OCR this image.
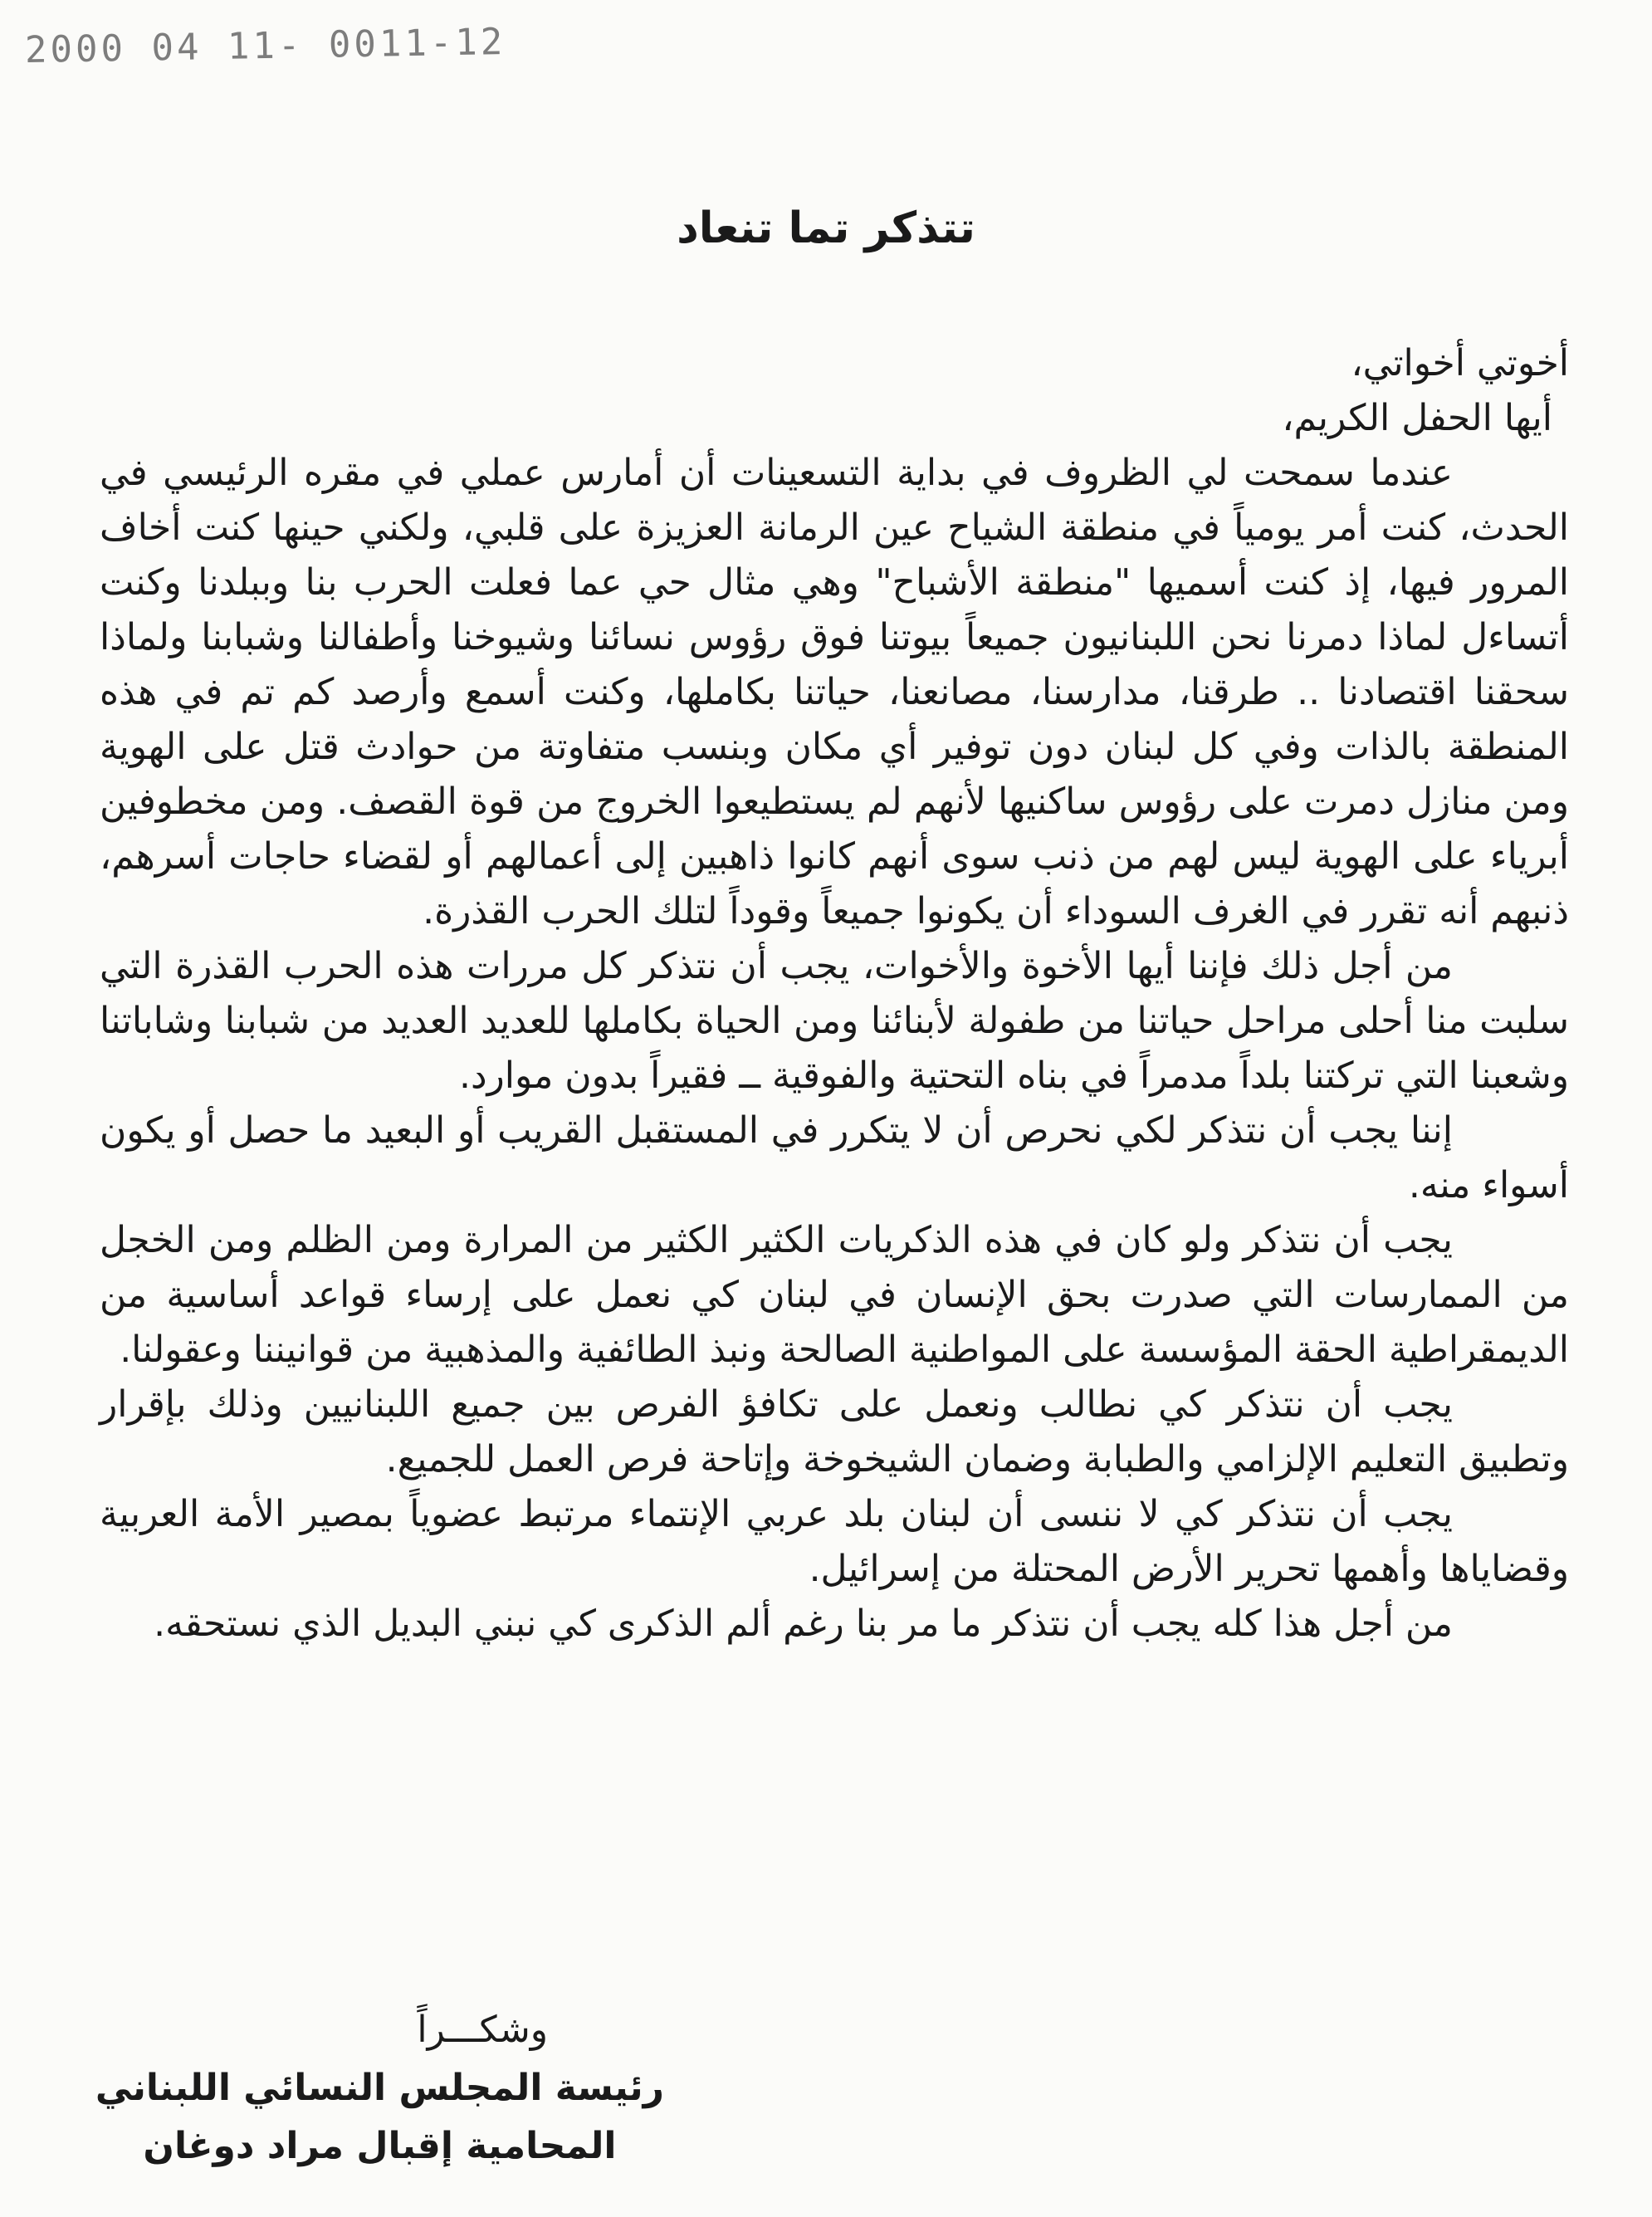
2000 04 11- 0011-12
تتذكر تما تنعاد

أخوتي أخواتي،

أيها الحفل الكريم،

عندما سمحت لي الظروف في بداية التسعينات أن أمارس عملي في مقره الرئيسي في الحدث، كنت أمر يومياً في منطقة الشياح عين الرمانة العزيزة على قلبي، ولكني حينها كنت أخاف المرور فيها، إذ كنت أسميها "منطقة الأشباح" وهي مثال حي عما فعلت الحرب بنا وببلدنا وكنت أتساءل لماذا دمرنا نحن اللبنانيون جميعاً بيوتنا فوق رؤوس نسائنا وشيوخنا وأطفالنا وشبابنا ولماذا سحقنا اقتصادنا .. طرقنا، مدارسنا، مصانعنا، حياتنا بكاملها، وكنت أسمع وأرصد كم تم في هذه المنطقة بالذات وفي كل لبنان دون توفير أي مكان وبنسب متفاوتة من حوادث قتل على الهوية ومن منازل دمرت على رؤوس ساكنيها لأنهم لم يستطيعوا الخروج من قوة القصف. ومن مخطوفين أبرياء على الهوية ليس لهم من ذنب سوى أنهم كانوا ذاهبين إلى أعمالهم أو لقضاء حاجات أسرهم، ذنبهم أنه تقرر في الغرف السوداء أن يكونوا جميعاً وقوداً لتلك الحرب القذرة.

من أجل ذلك فإننا أيها الأخوة والأخوات، يجب أن نتذكر كل مررات هذه الحرب القذرة التي سلبت منا أحلى مراحل حياتنا من طفولة لأبنائنا ومن الحياة بكاملها للعديد العديد من شبابنا وشاباتنا وشعبنا التي تركتنا بلداً مدمراً في بناه التحتية والفوقية ــ فقيراً بدون موارد.

إننا يجب أن نتذكر لكي نحرص أن لا يتكرر في المستقبل القريب أو البعيد ما حصل أو يكون أسواء منه.

يجب أن نتذكر ولو كان في هذه الذكريات الكثير الكثير من المرارة ومن الظلم ومن الخجل من الممارسات التي صدرت بحق الإنسان في لبنان كي نعمل على إرساء قواعد أساسية من الديمقراطية الحقة المؤسسة على المواطنية الصالحة ونبذ الطائفية والمذهبية من قوانيننا وعقولنا.

يجب أن نتذكر كي نطالب ونعمل على تكافؤ الفرص بين جميع اللبنانيين وذلك بإقرار وتطبيق التعليم الإلزامي والطبابة وضمان الشيخوخة وإتاحة فرص العمل للجميع.

يجب أن نتذكر كي لا ننسى أن لبنان بلد عربي الإنتماء مرتبط عضوياً بمصير الأمة العربية وقضاياها وأهمها تحرير الأرض المحتلة من إسرائيل.

من أجل هذا كله يجب أن نتذكر ما مر بنا رغم ألم الذكرى كي نبني البديل الذي نستحقه.

وشكـــراً
رئيسة المجلس النسائي اللبناني
المحامية إقبال مراد دوغان
